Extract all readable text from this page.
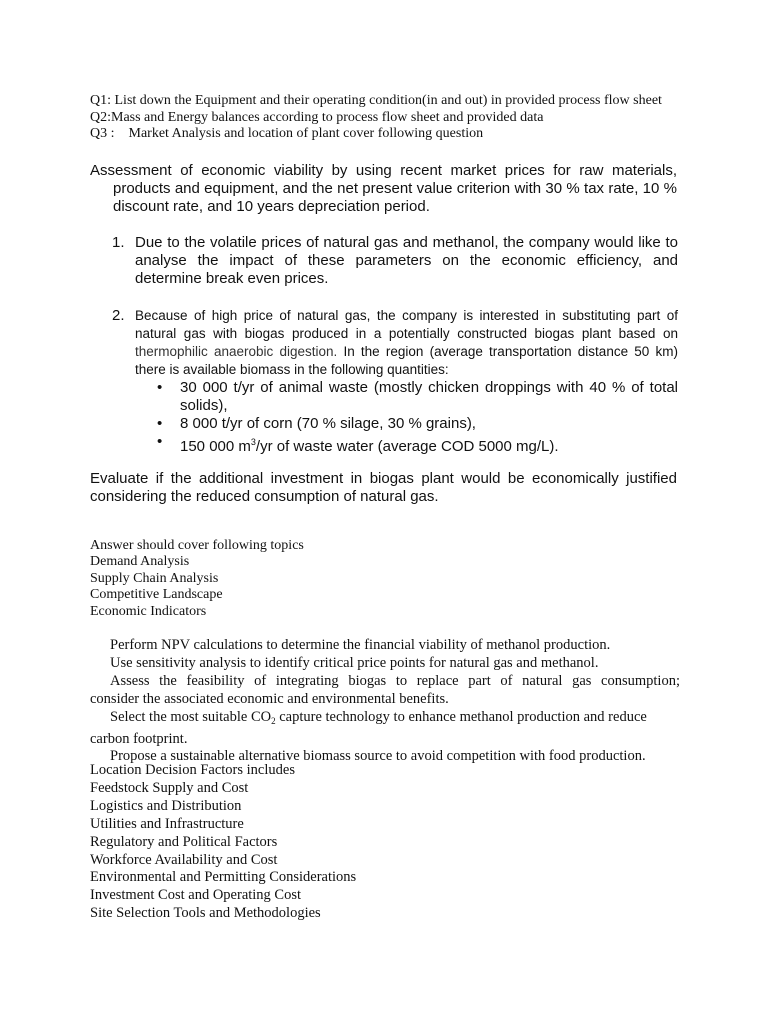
Q1: List down the Equipment and their operating condition(in and out) in provided process flow sheet
Q2:Mass and Energy balances according to process flow sheet and provided data
Q3 :    Market Analysis and location of plant cover following question
Assessment of economic viability by using recent market prices for raw materials,
products and equipment, and the net present value criterion with 30 % tax rate, 10 % discount rate, and 10 years depreciation period.
1. Due to the volatile prices of natural gas and methanol, the company would like to analyse the impact of these parameters on the economic efficiency, and determine break even prices.
2. Because of high price of natural gas, the company is interested in substituting part of natural gas with biogas produced in a potentially constructed biogas plant based on thermophilic anaerobic digestion. In the region (average transportation distance 50 km) there is available biomass in the following quantities:
• 30 000 t/yr of animal waste (mostly chicken droppings with 40 % of total solids),
• 8 000 t/yr of corn (70 % silage, 30 % grains),
• 150 000 $m^3/yr$ of waste water (average COD 5000 mg/L).
Evaluate if the additional investment in biogas plant would be economically justified
considering the reduced consumption of natural gas.
Answer should cover following topics
Demand Analysis
Supply Chain Analysis
Competitive Landscape
Economic Indicators
Perform NPV calculations to determine the financial viability of methanol production.
Use sensitivity analysis to identify critical price points for natural gas and methanol.
Assess the feasibility of integrating biogas to replace part of natural gas consumption;
consider the associated economic and environmental benefits.
Select the most suitable $CO_2$ capture technology to enhance methanol production and reduce
carbon footprint.
Propose a sustainable alternative biomass source to avoid competition with food production.
Location Decision Factors includes
Feedstock Supply and Cost
Logistics and Distribution
Utilities and Infrastructure
Regulatory and Political Factors
Workforce Availability and Cost
Environmental and Permitting Considerations
Investment Cost and Operating Cost
Site Selection Tools and Methodologies
